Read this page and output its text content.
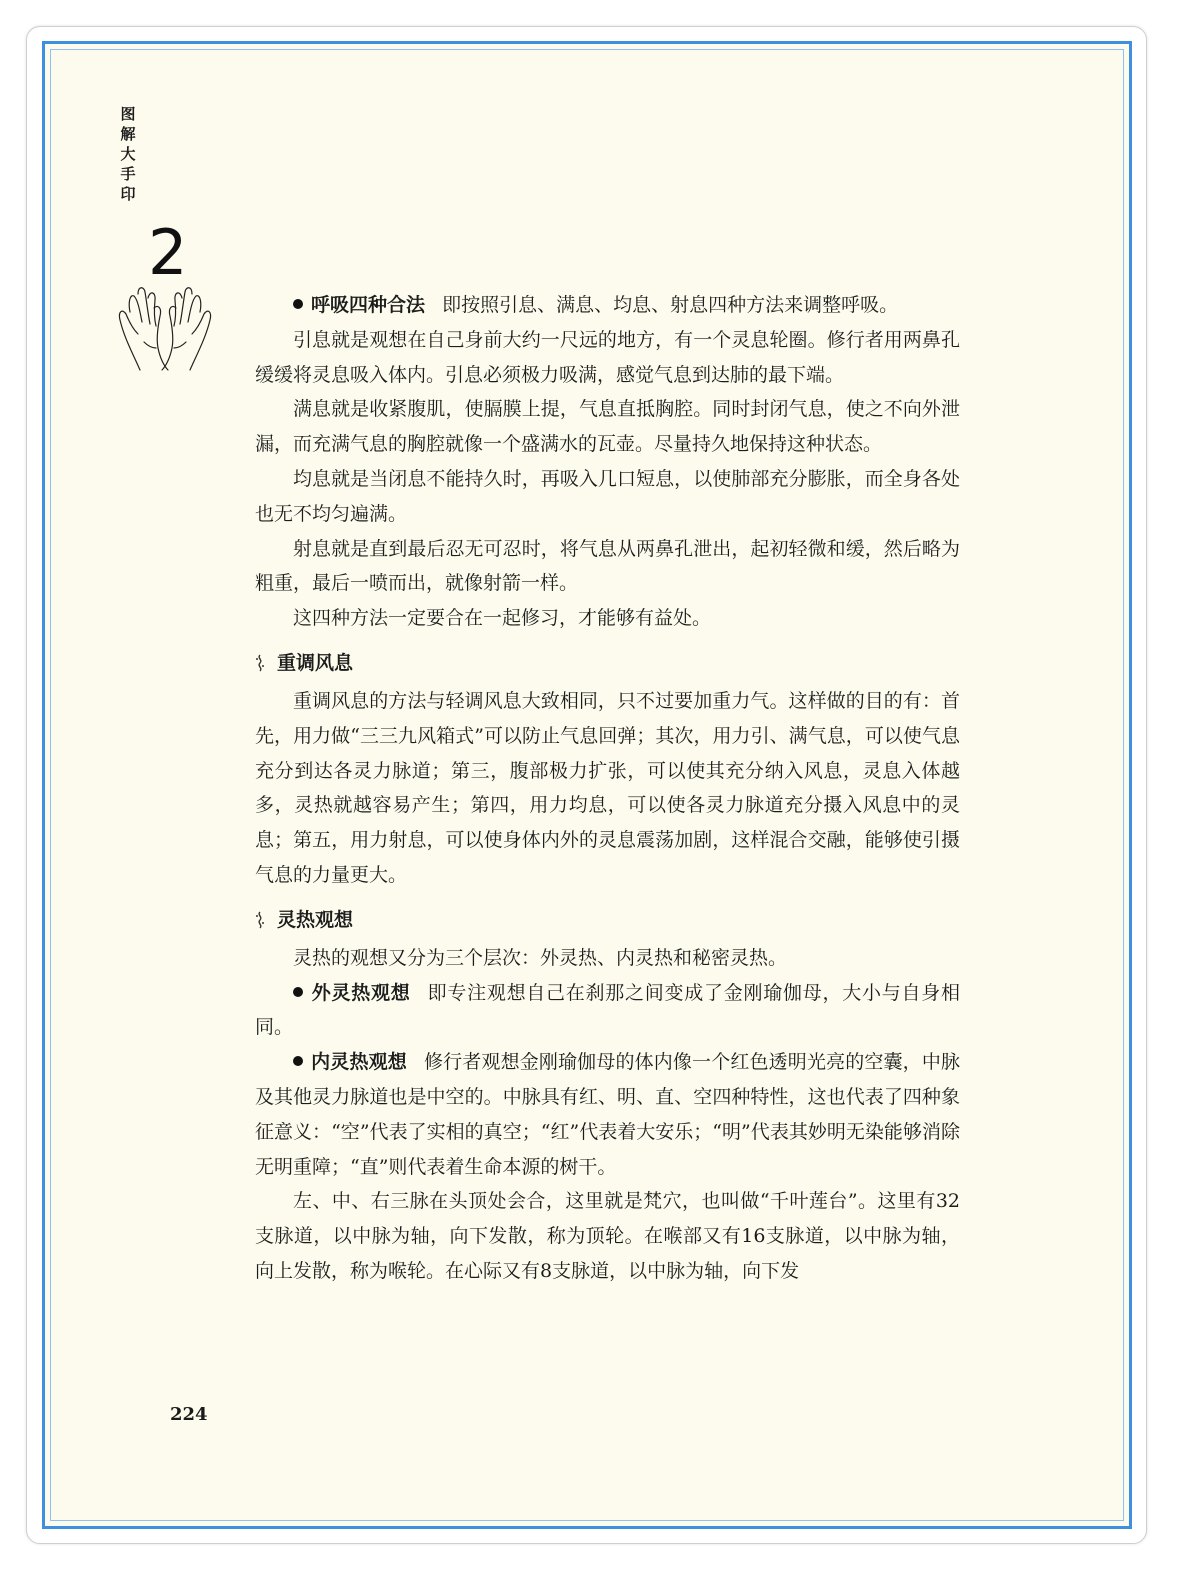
图解大手印
2

呼吸四种合法 即按照引息、满息、均息、射息四种方法来调整呼吸。

引息就是观想在自己身前大约一尺远的地方，有一个灵息轮圈。修行者用两鼻孔缓缓将灵息吸入体内。引息必须极力吸满，感觉气息到达肺的最下端。

满息就是收紧腹肌，使膈膜上提，气息直抵胸腔。同时封闭气息，使之不向外泄漏，而充满气息的胸腔就像一个盛满水的瓦壶。尽量持久地保持这种状态。

均息就是当闭息不能持久时，再吸入几口短息，以使肺部充分膨胀，而全身各处也无不均匀遍满。

射息就是直到最后忍无可忍时，将气息从两鼻孔泄出，起初轻微和缓，然后略为粗重，最后一喷而出，就像射箭一样。

这四种方法一定要合在一起修习，才能够有益处。

重调风息

重调风息的方法与轻调风息大致相同，只不过要加重力气。这样做的目的有：首先，用力做“三三九风箱式”可以防止气息回弹；其次，用力引、满气息，可以使气息充分到达各灵力脉道；第三，腹部极力扩张，可以使其充分纳入风息，灵息入体越多，灵热就越容易产生；第四，用力均息，可以使各灵力脉道充分摄入风息中的灵息；第五，用力射息，可以使身体内外的灵息震荡加剧，这样混合交融，能够使引摄气息的力量更大。

灵热观想

灵热的观想又分为三个层次：外灵热、内灵热和秘密灵热。

外灵热观想 即专注观想自己在刹那之间变成了金刚瑜伽母，大小与自身相同。

内灵热观想 修行者观想金刚瑜伽母的体内像一个红色透明光亮的空囊，中脉及其他灵力脉道也是中空的。中脉具有红、明、直、空四种特性，这也代表了四种象征意义：“空”代表了实相的真空；“红”代表着大安乐；“明”代表其妙明无染能够消除无明重障；“直”则代表着生命本源的树干。

左、中、右三脉在头顶处会合，这里就是梵穴，也叫做“千叶莲台”。这里有32支脉道，以中脉为轴，向下发散，称为顶轮。在喉部又有16支脉道，以中脉为轴，向上发散，称为喉轮。在心际又有8支脉道，以中脉为轴，向下发

224
